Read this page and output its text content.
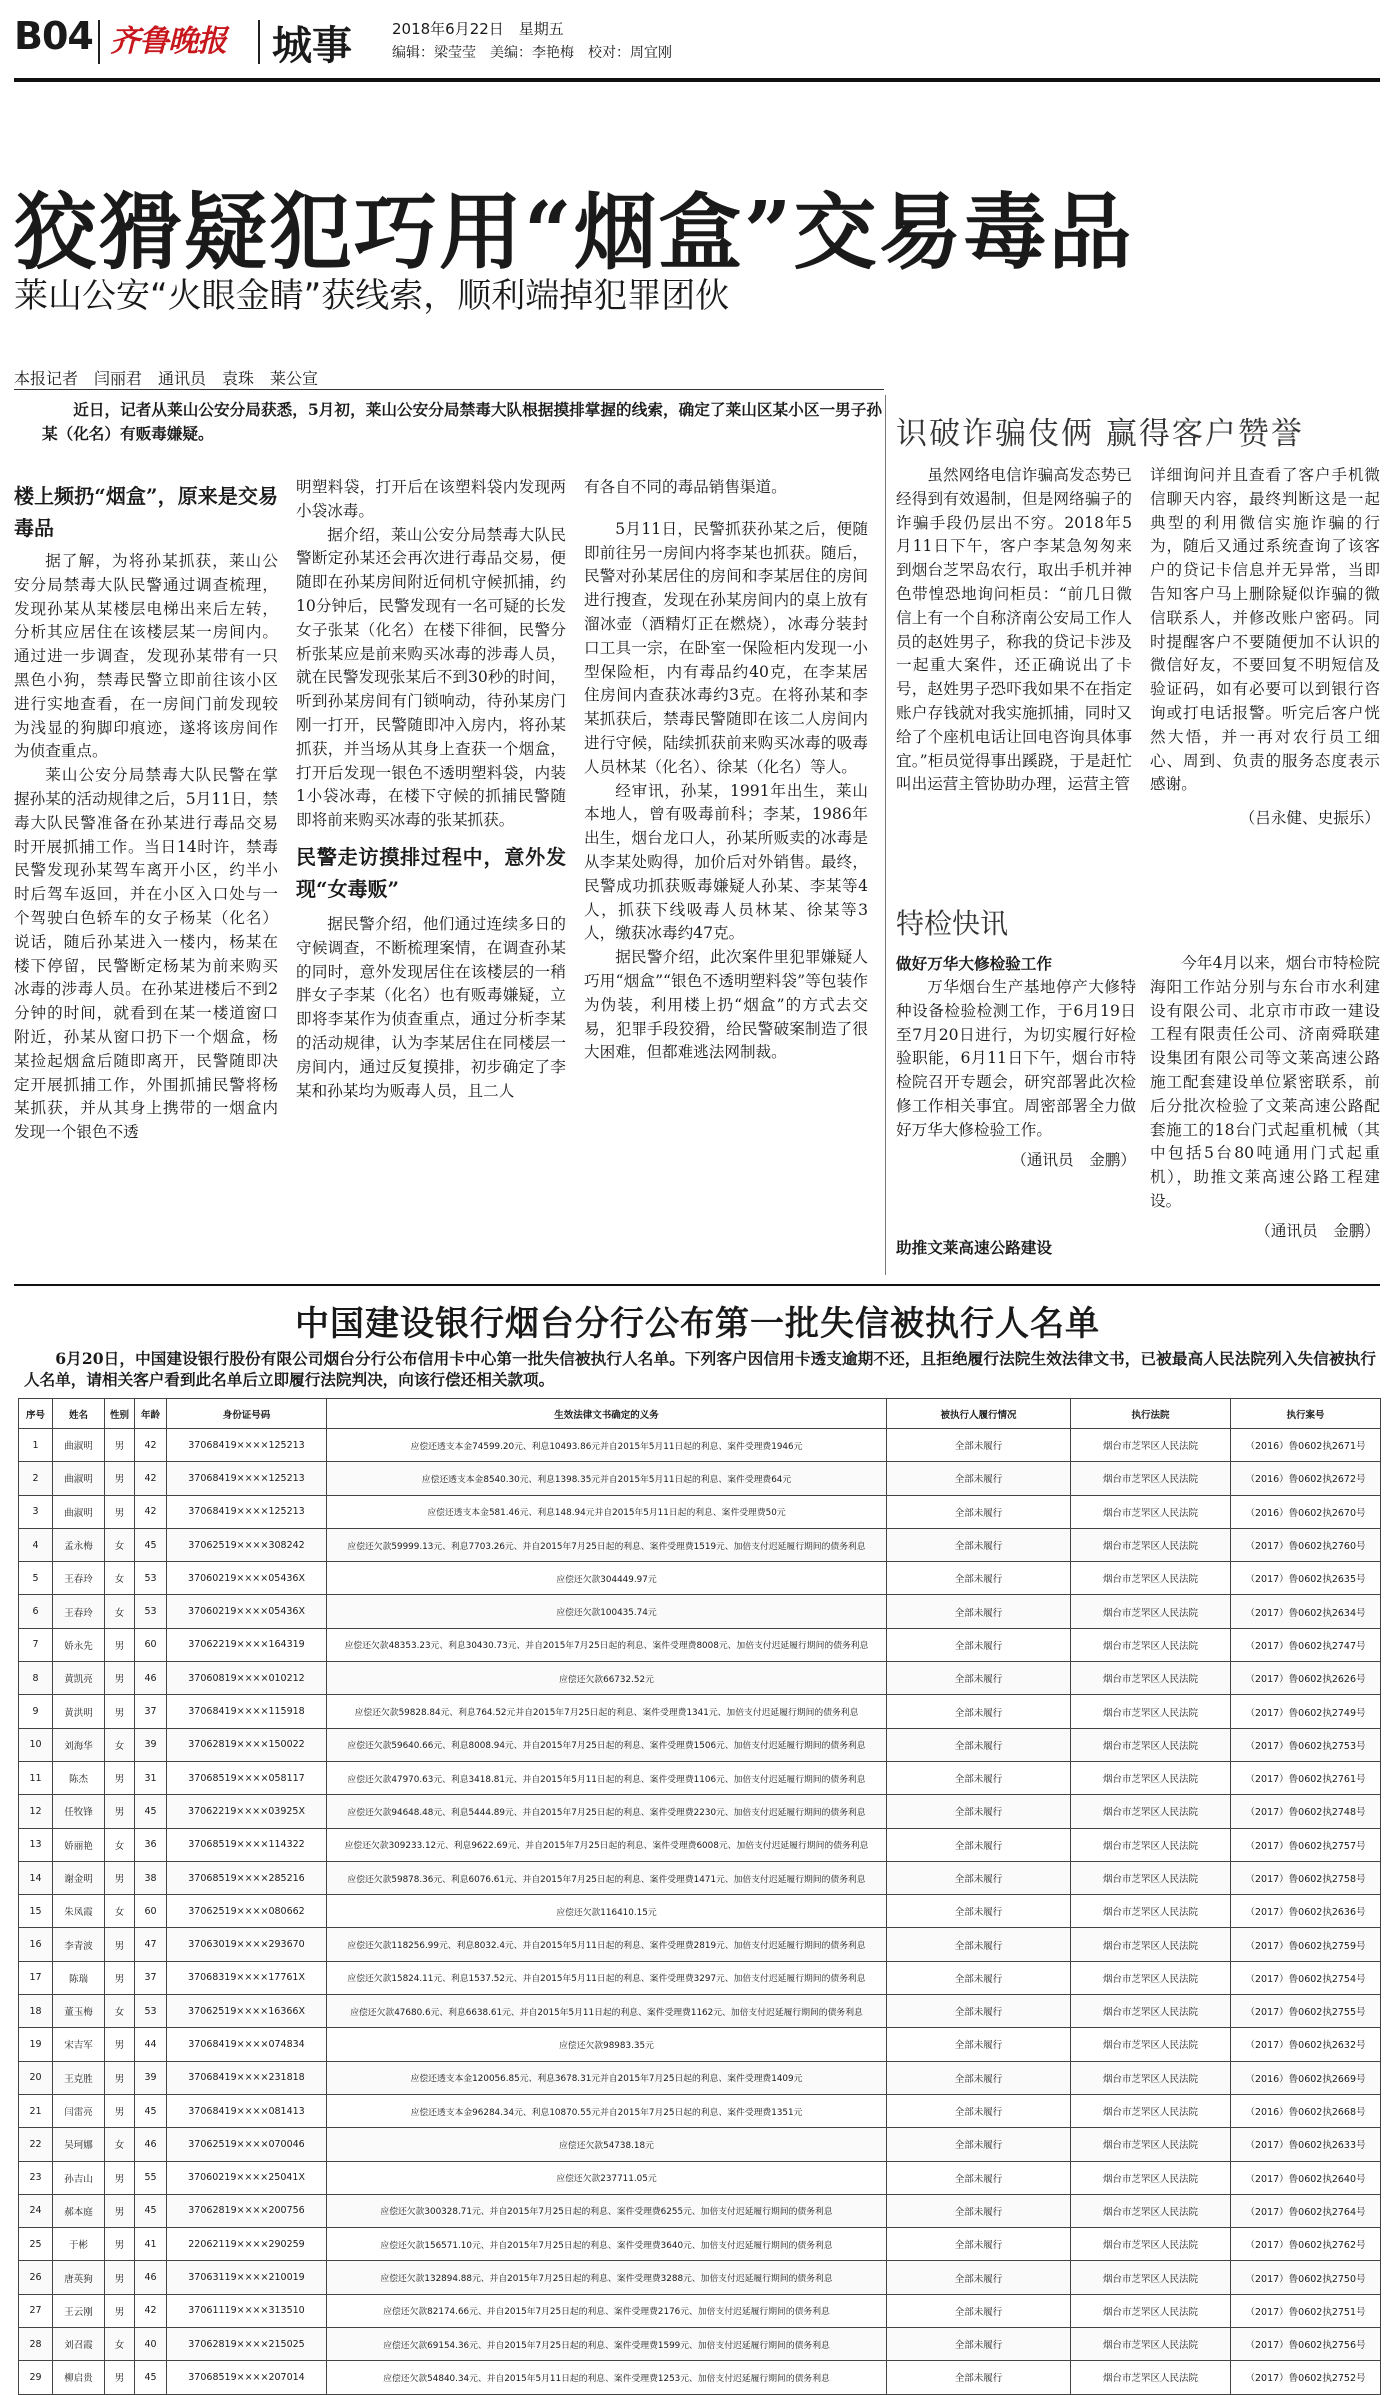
B04 齐鲁晚报 城事	2018年6月22日　星期五
编辑：梁莹莹　美编：李艳梅　校对：周宜刚
狡猾疑犯巧用“烟盒”交易毒品
莱山公安“火眼金睛”获线索，顺利端掉犯罪团伙
本报记者　闫丽君　通讯员　袁珠　莱公宣
近日，记者从莱山公安分局获悉，5月初，莱山公安分局禁毒大队根据摸排掌握的线索，确定了莱山区某小区一男子孙某（化名）有贩毒嫌疑。
楼上频扔“烟盒”，原来是交易毒品

据了解，为将孙某抓获，莱山公安分局禁毒大队民警通过调查梳理，发现孙某从某楼层电梯出来后左转，分析其应居住在该楼层某一房间内。通过进一步调查，发现孙某带有一只黑色小狗，禁毒民警立即前往该小区进行实地查看，在一房间门前发现较为浅显的狗脚印痕迹，遂将该房间作为侦查重点。

莱山公安分局禁毒大队民警在掌握孙某的活动规律之后，5月11日，禁毒大队民警准备在孙某进行毒品交易时开展抓捕工作。当日14时许，禁毒民警发现孙某驾车离开小区，约半小时后驾车返回，并在小区入口处与一个驾驶白色轿车的女子杨某（化名）说话，随后孙某进入一楼内，杨某在楼下停留，民警断定杨某为前来购买冰毒的涉毒人员。在孙某进楼后不到2分钟的时间，就看到在某一楼道窗口附近，孙某从窗口扔下一个烟盒，杨某捡起烟盒后随即离开，民警随即决定开展抓捕工作，外围抓捕民警将杨某抓获，并从其身上携带的一烟盒内发现一个银色不透

明塑料袋，打开后在该塑料袋内发现两小袋冰毒。

据介绍，莱山公安分局禁毒大队民警断定孙某还会再次进行毒品交易，便随即在孙某房间附近伺机守候抓捕，约10分钟后，民警发现有一名可疑的长发女子张某（化名）在楼下徘徊，民警分析张某应是前来购买冰毒的涉毒人员，就在民警发现张某后不到30秒的时间，听到孙某房间有门锁响动，待孙某房门刚一打开，民警随即冲入房内，将孙某抓获，并当场从其身上查获一个烟盒，打开后发现一银色不透明塑料袋，内装1小袋冰毒，在楼下守候的抓捕民警随即将前来购买冰毒的张某抓获。

民警走访摸排过程中，意外发现“女毒贩”

据民警介绍，他们通过连续多日的守候调查，不断梳理案情，在调查孙某的同时，意外发现居住在该楼层的一稍胖女子李某（化名）也有贩毒嫌疑，立即将李某作为侦查重点，通过分析李某的活动规律，认为李某居住在同楼层一房间内，通过反复摸排，初步确定了李某和孙某均为贩毒人员，且二人

有各自不同的毒品销售渠道。

5月11日，民警抓获孙某之后，便随即前往另一房间内将李某也抓获。随后，民警对孙某居住的房间和李某居住的房间进行搜查，发现在孙某房间内的桌上放有溜冰壶（酒精灯正在燃烧），冰毒分装封口工具一宗，在卧室一保险柜内发现一小型保险柜，内有毒品约40克，在李某居住房间内查获冰毒约3克。在将孙某和李某抓获后，禁毒民警随即在该二人房间内进行守候，陆续抓获前来购买冰毒的吸毒人员林某（化名）、徐某（化名）等人。

经审讯，孙某，1991年出生，莱山本地人，曾有吸毒前科；李某，1986年出生，烟台龙口人，孙某所贩卖的冰毒是从李某处购得，加价后对外销售。最终，民警成功抓获贩毒嫌疑人孙某、李某等4人，抓获下线吸毒人员林某、徐某等3人，缴获冰毒约47克。

据民警介绍，此次案件里犯罪嫌疑人巧用“烟盒”“银色不透明塑料袋”等包装作为伪装，利用楼上扔“烟盒”的方式去交易，犯罪手段狡猾，给民警破案制造了很大困难，但都难逃法网制裁。

识破诈骗伎俩 赢得客户赞誉
虽然网络电信诈骗高发态势已经得到有效遏制，但是网络骗子的诈骗手段仍层出不穷。2018年5月11日下午，客户李某急匆匆来到烟台芝罘岛农行，取出手机并神色带惶恐地询问柜员：“前几日微信上有一个自称济南公安局工作人员的赵姓男子，称我的贷记卡涉及一起重大案件，还正确说出了卡号，赵姓男子恐吓我如果不在指定账户存钱就对我实施抓捕，同时又给了个座机电话让回电咨询具体事宜。”柜员觉得事出蹊跷，于是赶忙叫出运营主管协助办理，运营主管

详细询问并且查看了客户手机微信聊天内容，最终判断这是一起典型的利用微信实施诈骗的行为，随后又通过系统查询了该客户的贷记卡信息并无异常，当即告知客户马上删除疑似诈骗的微信联系人，并修改账户密码。同时提醒客户不要随便加不认识的微信好友，不要回复不明短信及验证码，如有必要可以到银行咨询或打电话报警。听完后客户恍然大悟，并一再对农行员工细心、周到、负责的服务态度表示感谢。

（吕永健、史振乐）

特检快讯
做好万华大修检验工作

万华烟台生产基地停产大修特种设备检验检测工作，于6月19日至7月20日进行，为切实履行好检验职能，6月11日下午，烟台市特检院召开专题会，研究部署此次检修工作相关事宜。周密部署全力做好万华大修检验工作。

（通讯员　金鹏）

今年4月以来，烟台市特检院海阳工作站分别与东台市水利建设有限公司、北京市市政一建设工程有限责任公司、济南舜联建设集团有限公司等文莱高速公路施工配套建设单位紧密联系，前后分批次检验了文莱高速公路配套施工的18台门式起重机械（其中包括5台80吨通用门式起重机），助推文莱高速公路工程建设。

（通讯员　金鹏）

助推文莱高速公路建设
中国建设银行烟台分行公布第一批失信被执行人名单
6月20日，中国建设银行股份有限公司烟台分行公布信用卡中心第一批失信被执行人名单。下列客户因信用卡透支逾期不还，且拒绝履行法院生效法律文书，已被最高人民法院列入失信被执行人名单，请相关客户看到此名单后立即履行法院判决，向该行偿还相关款项。
序号	姓名	性别	年龄	身份证号码	生效法律文书确定的义务	被执行人履行情况	执行法院	执行案号
1	曲淑明	男	42	37068419××××125213	应偿还透支本金74599.20元、利息10493.86元并自2015年5月11日起的利息、案件受理费1946元	全部未履行	烟台市芝罘区人民法院	（2016）鲁0602执2671号
2	曲淑明	男	42	37068419××××125213	应偿还透支本金8540.30元、利息1398.35元并自2015年5月11日起的利息、案件受理费64元	全部未履行	烟台市芝罘区人民法院	（2016）鲁0602执2672号
3	曲淑明	男	42	37068419××××125213	应偿还透支本金581.46元、利息148.94元并自2015年5月11日起的利息、案件受理费50元	全部未履行	烟台市芝罘区人民法院	（2016）鲁0602执2670号
4	孟永梅	女	45	37062519××××308242	应偿还欠款59999.13元、利息7703.26元、并自2015年7月25日起的利息、案件受理费1519元、加倍支付迟延履行期间的债务利息	全部未履行	烟台市芝罘区人民法院	（2017）鲁0602执2760号
5	王春玲	女	53	37060219××××05436X	应偿还欠款304449.97元	全部未履行	烟台市芝罘区人民法院	（2017）鲁0602执2635号
6	王春玲	女	53	37060219××××05436X	应偿还欠款100435.74元	全部未履行	烟台市芝罘区人民法院	（2017）鲁0602执2634号
7	娇永先	男	60	37062219××××164319	应偿还欠款48353.23元、利息30430.73元、并自2015年7月25日起的利息、案件受理费8008元、加倍支付迟延履行期间的债务利息	全部未履行	烟台市芝罘区人民法院	（2017）鲁0602执2747号
8	黄凯亮	男	46	37060819××××010212	应偿还欠款66732.52元	全部未履行	烟台市芝罘区人民法院	（2017）鲁0602执2626号
9	黄洪明	男	37	37068419××××115918	应偿还欠款59828.84元、利息764.52元并自2015年7月25日起的利息、案件受理费1341元、加倍支付迟延履行期间的债务利息	全部未履行	烟台市芝罘区人民法院	（2017）鲁0602执2749号
10	刘海华	女	39	37062819××××150022	应偿还欠款59640.66元、利息8008.94元、并自2015年7月25日起的利息、案件受理费1506元、加倍支付迟延履行期间的债务利息	全部未履行	烟台市芝罘区人民法院	（2017）鲁0602执2753号
11	陈杰	男	31	37068519××××058117	应偿还欠款47970.63元、利息3418.81元、并自2015年5月11日起的利息、案件受理费1106元、加倍支付迟延履行期间的债务利息	全部未履行	烟台市芝罘区人民法院	（2017）鲁0602执2761号
12	任牧锋	男	45	37062219××××03925X	应偿还欠款94648.48元、利息5444.89元、并自2015年7月25日起的利息、案件受理费2230元、加倍支付迟延履行期间的债务利息	全部未履行	烟台市芝罘区人民法院	（2017）鲁0602执2748号
13	娇丽艳	女	36	37068519××××114322	应偿还欠款309233.12元、利息9622.69元、并自2015年7月25日起的利息、案件受理费6008元、加倍支付迟延履行期间的债务利息	全部未履行	烟台市芝罘区人民法院	（2017）鲁0602执2757号
14	谢金明	男	38	37068519××××285216	应偿还欠款59878.36元、利息6076.61元、并自2015年7月25日起的利息、案件受理费1471元、加倍支付迟延履行期间的债务利息	全部未履行	烟台市芝罘区人民法院	（2017）鲁0602执2758号
15	朱凤霞	女	60	37062519××××080662	应偿还欠款116410.15元	全部未履行	烟台市芝罘区人民法院	（2017）鲁0602执2636号
16	李青波	男	47	37063019××××293670	应偿还欠款118256.99元、利息8032.4元、并自2015年5月11日起的利息、案件受理费2819元、加倍支付迟延履行期间的债务利息	全部未履行	烟台市芝罘区人民法院	（2017）鲁0602执2759号
17	陈瑞	男	37	37068319××××17761X	应偿还欠款15824.11元、利息1537.52元、并自2015年5月11日起的利息、案件受理费3297元、加倍支付迟延履行期间的债务利息	全部未履行	烟台市芝罘区人民法院	（2017）鲁0602执2754号
18	董玉梅	女	53	37062519××××16366X	应偿还欠款47680.6元、利息6638.61元、并自2015年5月11日起的利息、案件受理费1162元、加倍支付迟延履行期间的债务利息	全部未履行	烟台市芝罘区人民法院	（2017）鲁0602执2755号
19	宋吉军	男	44	37068419××××074834	应偿还欠款98983.35元	全部未履行	烟台市芝罘区人民法院	（2017）鲁0602执2632号
20	王克胜	男	39	37068419××××231818	应偿还透支本金120056.85元、利息3678.31元并自2015年7月25日起的利息、案件受理费1409元	全部未履行	烟台市芝罘区人民法院	（2016）鲁0602执2669号
21	闫雷亮	男	45	37068419××××081413	应偿还透支本金96284.34元、利息10870.55元并自2015年7月25日起的利息、案件受理费1351元	全部未履行	烟台市芝罘区人民法院	（2016）鲁0602执2668号
22	吴珂娜	女	46	37062519××××070046	应偿还欠款54738.18元	全部未履行	烟台市芝罘区人民法院	（2017）鲁0602执2633号
23	孙吉山	男	55	37060219××××25041X	应偿还欠款237711.05元	全部未履行	烟台市芝罘区人民法院	（2017）鲁0602执2640号
24	郝本庭	男	45	37062819××××200756	应偿还欠款300328.71元、并自2015年7月25日起的利息、案件受理费6255元、加倍支付迟延履行期间的债务利息	全部未履行	烟台市芝罘区人民法院	（2017）鲁0602执2764号
25	于彬	男	41	22062119××××290259	应偿还欠款156571.10元、并自2015年7月25日起的利息、案件受理费3640元、加倍支付迟延履行期间的债务利息	全部未履行	烟台市芝罘区人民法院	（2017）鲁0602执2762号
26	唐英狗	男	46	37063119××××210019	应偿还欠款132894.88元、并自2015年7月25日起的利息、案件受理费3288元、加倍支付迟延履行期间的债务利息	全部未履行	烟台市芝罘区人民法院	（2017）鲁0602执2750号
27	王云刚	男	42	37061119××××313510	应偿还欠款82174.66元、并自2015年7月25日起的利息、案件受理费2176元、加倍支付迟延履行期间的债务利息	全部未履行	烟台市芝罘区人民法院	（2017）鲁0602执2751号
28	刘召霞	女	40	37062819××××215025	应偿还欠款69154.36元、并自2015年7月25日起的利息、案件受理费1599元、加倍支付迟延履行期间的债务利息	全部未履行	烟台市芝罘区人民法院	（2017）鲁0602执2756号
29	柳启贵	男	45	37068519××××207014	应偿还欠款54840.34元、并自2015年5月11日起的利息、案件受理费1253元、加倍支付迟延履行期间的债务利息	全部未履行	烟台市芝罘区人民法院	（2017）鲁0602执2752号
